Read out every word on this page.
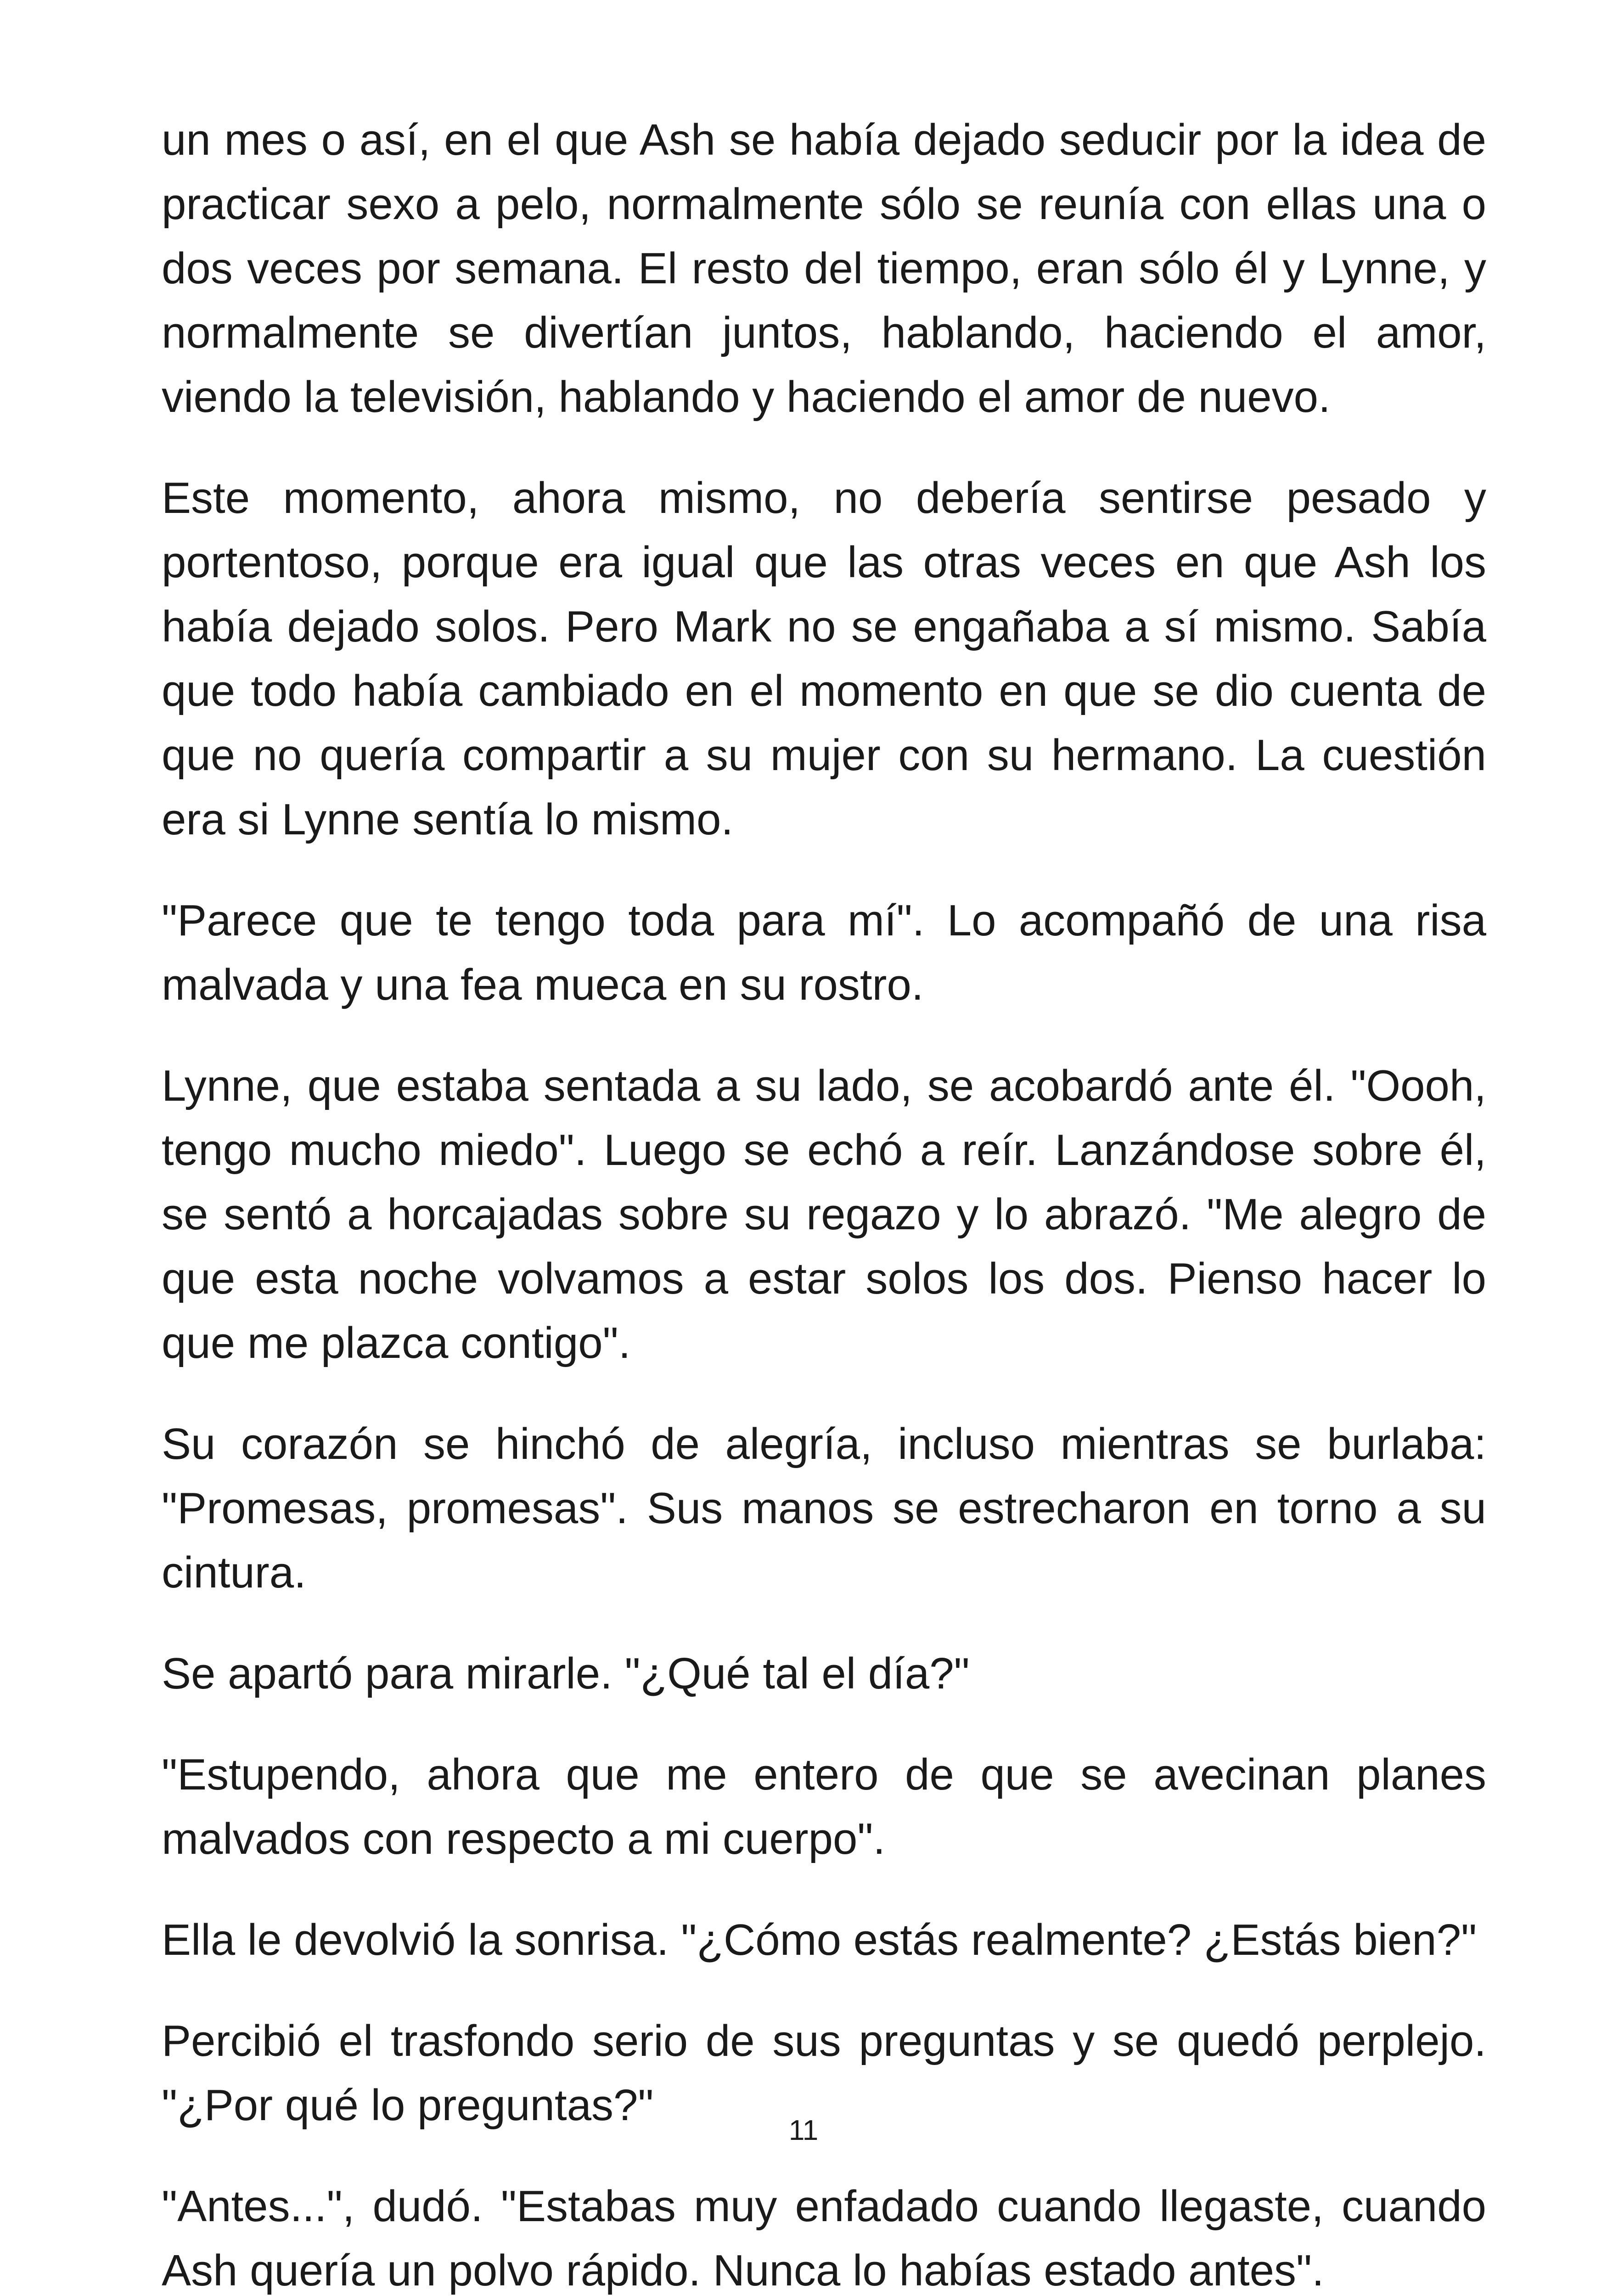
un mes o así, en el que Ash se había dejado seducir por la idea de practicar sexo a pelo, normalmente sólo se reunía con ellas una o dos veces por semana. El resto del tiempo, eran sólo él y Lynne, y normalmente se divertían juntos, hablando, haciendo el amor, viendo la televisión, hablando y haciendo el amor de nuevo.

Este momento, ahora mismo, no debería sentirse pesado y portentoso, porque era igual que las otras veces en que Ash los había dejado solos. Pero Mark no se engañaba a sí mismo. Sabía que todo había cambiado en el momento en que se dio cuenta de que no quería compartir a su mujer con su hermano. La cuestión era si Lynne sentía lo mismo.

"Parece que te tengo toda para mí". Lo acompañó de una risa malvada y una fea mueca en su rostro.

Lynne, que estaba sentada a su lado, se acobardó ante él. "Oooh, tengo mucho miedo". Luego se echó a reír. Lanzándose sobre él, se sentó a horcajadas sobre su regazo y lo abrazó. "Me alegro de que esta noche volvamos a estar solos los dos. Pienso hacer lo que me plazca contigo".

Su corazón se hinchó de alegría, incluso mientras se burlaba: "Promesas, promesas". Sus manos se estrecharon en torno a su cintura.

Se apartó para mirarle. "¿Qué tal el día?"

"Estupendo, ahora que me entero de que se avecinan planes malvados con respecto a mi cuerpo".

Ella le devolvió la sonrisa. "¿Cómo estás realmente? ¿Estás bien?"

Percibió el trasfondo serio de sus preguntas y se quedó perplejo. "¿Por qué lo preguntas?"

"Antes...", dudó. "Estabas muy enfadado cuando llegaste, cuando Ash quería un polvo rápido. Nunca lo habías estado antes".

11
